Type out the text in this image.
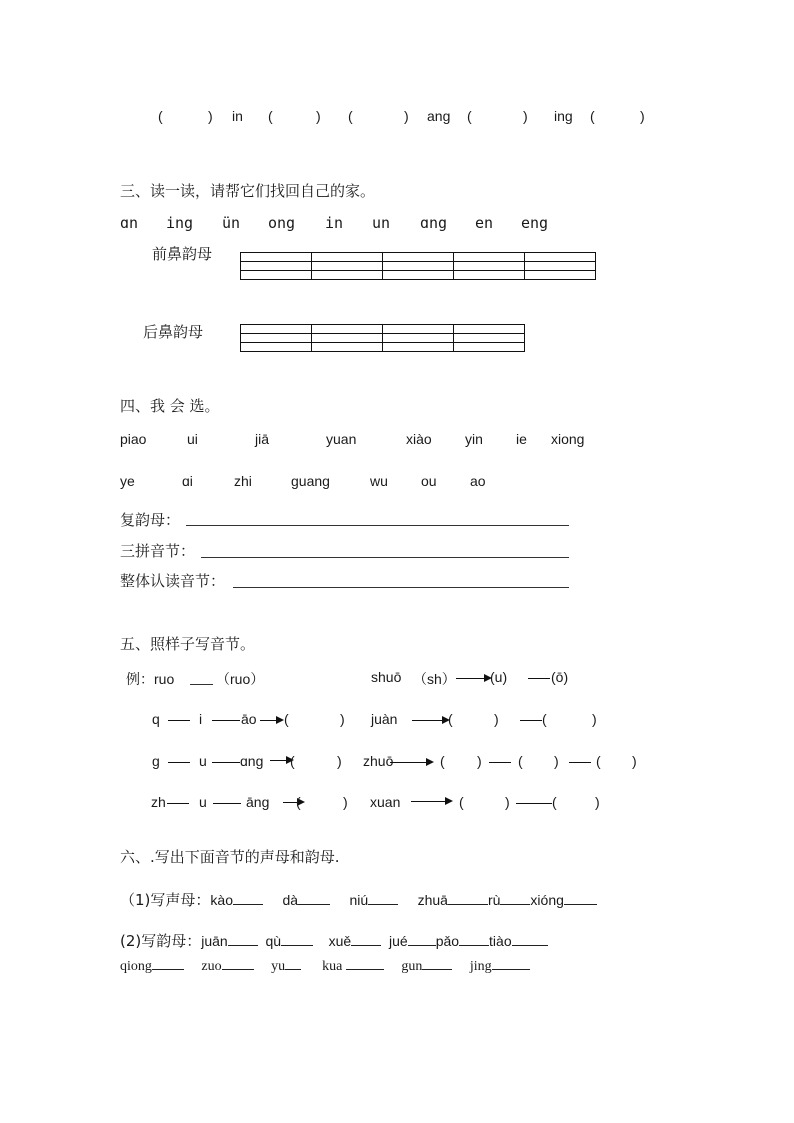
(	) in (	) (	) ang (	) ing (	)
三、读一读，请帮它们找回自己的家。
ɑn ing ün ong in un ɑng en eng
前鼻韵母

后鼻韵母

四、我 会 选。
piao	ui	jiā	yuan	xiào yin ie xiong
ye	ɑi	zhi	guang	wu ou ao
复韵母：
三拼音节：
整体认读音节：
五、照样子写音节。
例：ruo	（ruo）	shuō （sh） (u)	(ō)
q	i	āo (	) juàn	(	)	(	)
g	u ɑng (	) zhuō	( )	( )	( )
zh u	āng (	) xuan	(	)	(	)
六、.写出下面音节的声母和韵母.
（1)写声母：kào	dà	niú	zhuā	rù xióng
(2)写韵母：juān	qù	xuě	jué pǎo tiào
qiong	zuo	yu	kua	gun	jing
